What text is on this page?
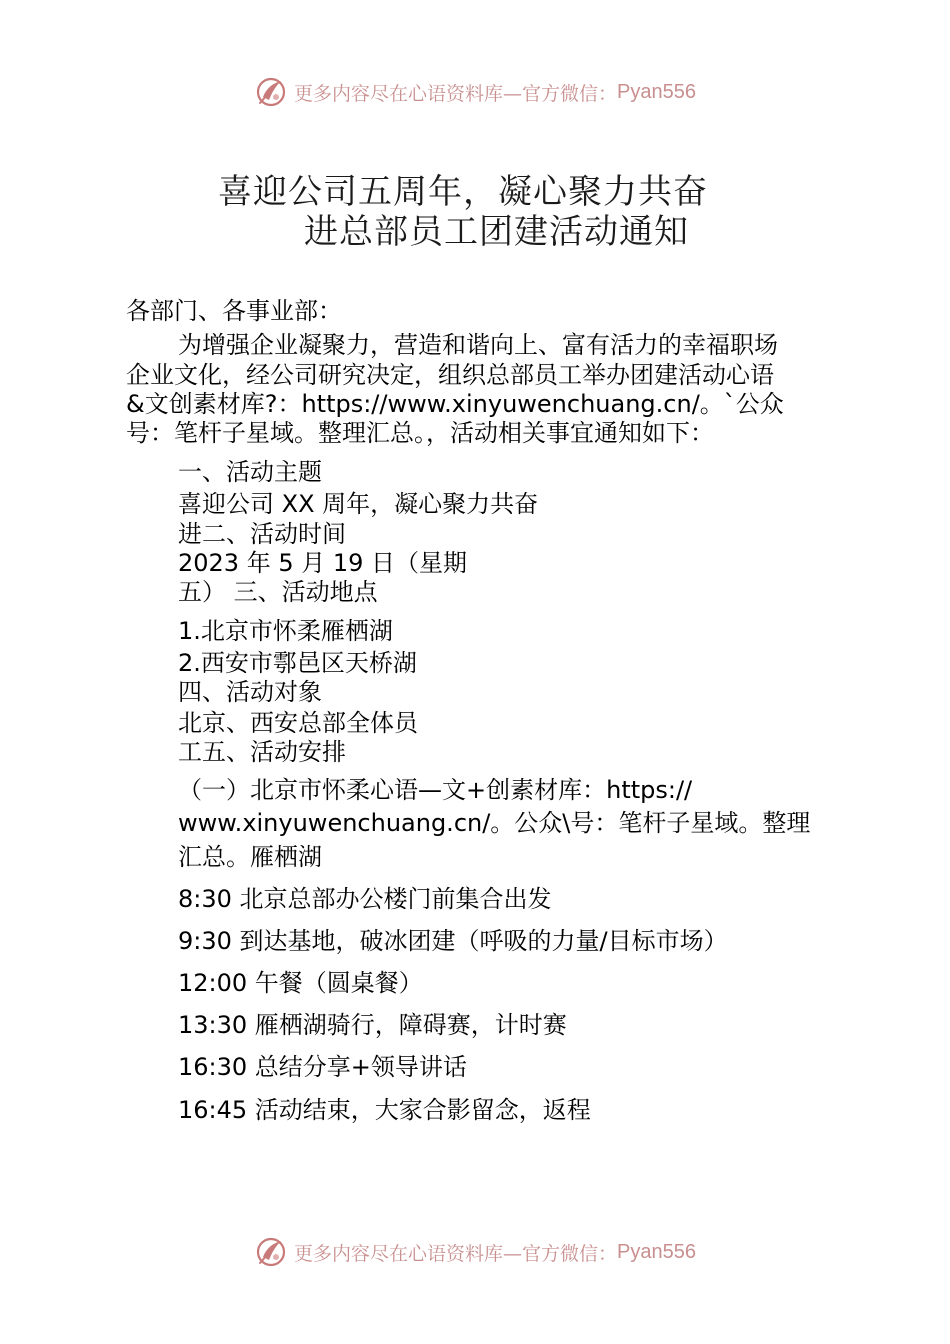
更多内容尽在心语资料库—官方微信： Pyan556
喜迎公司五周年，凝心聚力共奋
进总部员工团建活动通知
各部门、各事业部：
为增强企业凝聚力，营造和谐向上、富有活力的幸福职场
企业文化，经公司研究决定，组织总部员工举办团建活动心语
&文创素材库?：https://www.xinyuwenchuang.cn/。`公众
号：笔杆子星域。整理汇总。，活动相关事宜通知如下：
一、活动主题
喜迎公司 XX 周年，凝心聚力共奋
进二、活动时间
2023 年 5 月 19 日（星期
五） 三、活动地点
1.北京市怀柔雁栖湖
2.西安市鄠邑区天桥湖
四、活动对象
北京、西安总部全体员
工五、活动安排
（一）北京市怀柔心语—文+创素材库：https://
www.xinyuwenchuang.cn/。公众\号：笔杆子星域。整理
汇总。雁栖湖
8:30 北京总部办公楼门前集合出发
9:30 到达基地，破冰团建（呼吸的力量/目标市场）
12:00 午餐（圆桌餐）
13:30 雁栖湖骑行，障碍赛，计时赛
16:30 总结分享+领导讲话
16:45 活动结束，大家合影留念，返程
更多内容尽在心语资料库—官方微信： Pyan556
